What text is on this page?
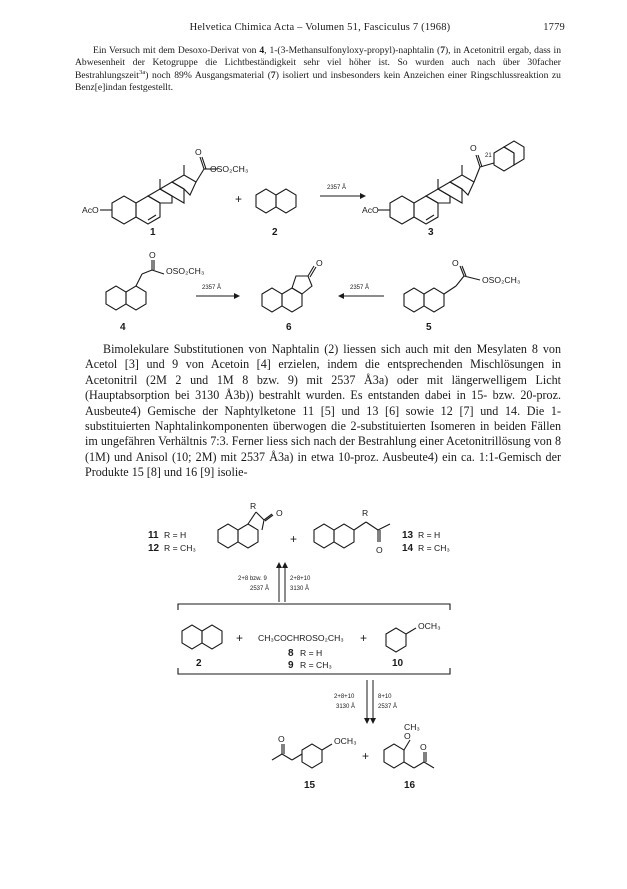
Helvetica Chimica Acta – Volumen 51, Fasciculus 7 (1968)	1779

Ein Versuch mit dem Desoxo-Derivat von 4, 1-(3-Methansulfonyloxy-propyl)-naphtalin (7), in Acetonitril ergab, dass in Abwesenheit der Ketogruppe die Lichtbeständigkeit sehr viel höher ist. So wurden auch nach über 30facher Bestrahlungszeit$^{3a}$) noch 89% Ausgangsmaterial (7) isoliert und insbesonders kein Anzeichen einer Ringschlussreaktion zu Benz[e]indan festgestellt.

O
OSO₂CH₃
AcO
1
+
2
2357 Å
O
21
AcO
3
O
OSO₂CH₃
4
2357 Å
O
6
2357 Å
O
OSO₂CH₃
5

Bimolekulare Substitutionen von Naphtalin (2) liessen sich auch mit den Mesylaten 8 von Acetol [3] und 9 von Acetoin [4] erzielen, indem die entsprechenden Mischlösungen in Acetonitril (2M 2 und 1M 8 bzw. 9) mit 2537 Å3a) oder mit längerwelligem Licht (Hauptabsorption bei 3130 Å3b)) bestrahlt wurden. Es entstanden dabei in 15- bzw. 20-proz. Ausbeute4) Gemische der Naphtylketone 11 [5] und 13 [6] sowie 12 [7] und 14. Die 1-substituierten Naphtalinkomponenten überwogen die 2-substituierten Isomeren in beiden Fällen im ungefähren Verhältnis 7:3. Ferner liess sich nach der Bestrahlung einer Acetonitrillösung von 8 (1M) und Anisol (10; 2M) mit 2537 Å3a) in etwa 10-proz. Ausbeute4) ein ca. 1:1-Gemisch der Produkte 15 [8] und 16 [9] isolie-

R
O
11 R = H
12 R = CH₃
+
R
O
13 R = H
14 R = CH₃
2+8 bzw. 9
2537 Å
2+8+10
3130 Å
2
+ CH₃COCHROSO₂CH₃
8 R = H
9 R = CH₃
+
OCH₃
10
2+8+10
3130 Å
8+10
2537 Å
O	OCH₃
15
+
O
CH₃
O
16
